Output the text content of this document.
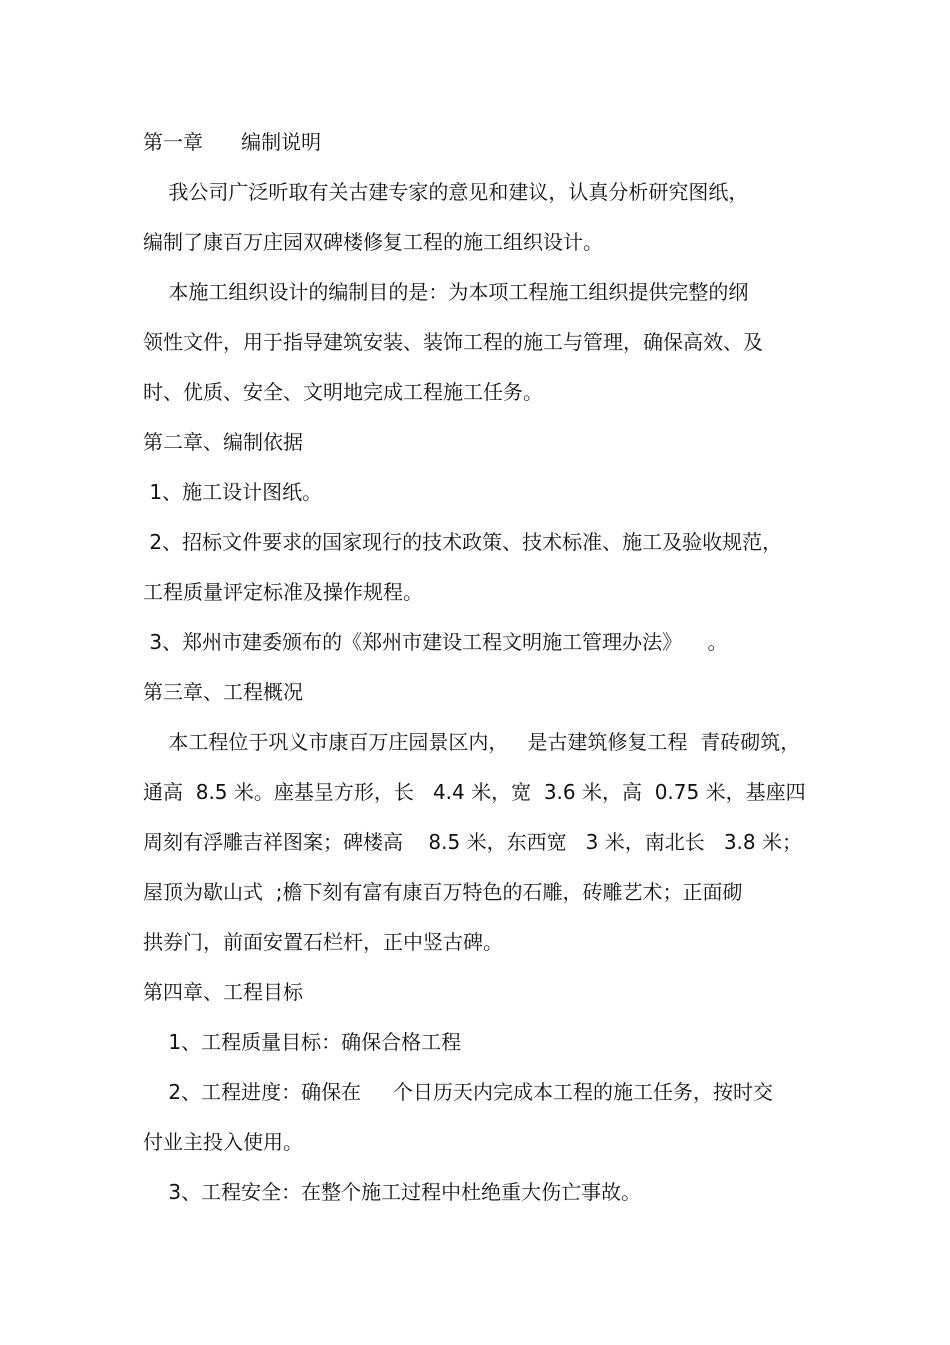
第一章      编制说明

我公司广泛听取有关古建专家的意见和建议，认真分析研究图纸，

编制了康百万庄园双碑楼修复工程的施工组织设计。

本施工组织设计的编制目的是：为本项工程施工组织提供完整的纲

领性文件，用于指导建筑安装、装饰工程的施工与管理，确保高效、及

时、优质、安全、文明地完成工程施工任务。

第二章、编制依据

1、施工设计图纸。

2、招标文件要求的国家现行的技术政策、技术标准、施工及验收规范，

工程质量评定标准及操作规程。

3、郑州市建委颁布的《郑州市建设工程文明施工管理办法》    。

第三章、工程概况

本工程位于巩义市康百万庄园景区内，   是古建筑修复工程  青砖砌筑，

通高  8.5 米。座基呈方形，长   4.4 米，宽  3.6 米，高  0.75 米，基座四

周刻有浮雕吉祥图案；碑楼高    8.5 米，东西宽   3 米，南北长   3.8 米；

屋顶为歇山式  ;檐下刻有富有康百万特色的石雕，砖雕艺术；正面砌

拱券门，前面安置石栏杆，正中竖古碑。

第四章、工程目标

1、工程质量目标：确保合格工程

2、工程进度：确保在     个日历天内完成本工程的施工任务，按时交

付业主投入使用。

3、工程安全：在整个施工过程中杜绝重大伤亡事故。
